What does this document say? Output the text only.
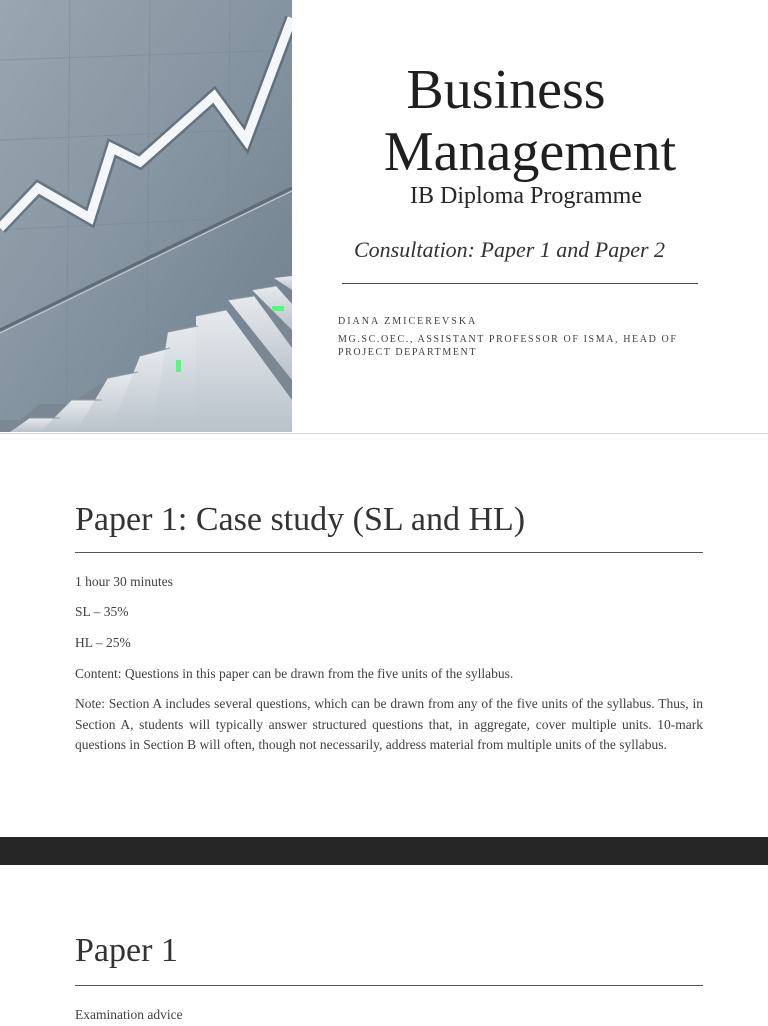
Business
Management
IB Diploma Programme
Consultation: Paper 1 and Paper 2
DIANA ZMICEREVSKA
MG.SC.OEC., ASSISTANT PROFESSOR OF ISMA, HEAD OF PROJECT DEPARTMENT
Paper 1: Case study (SL and HL)

1 hour 30 minutes

SL – 35%

HL – 25%

Content: Questions in this paper can be drawn from the five units of the syllabus.

Note: Section A includes several questions, which can be drawn from any of the five units of the syllabus. Thus, in Section A, students will typically answer structured questions that, in aggregate, cover multiple units. 10-mark questions in Section B will often, though not necessarily, address material from multiple units of the syllabus.

Paper 1

Examination advice
